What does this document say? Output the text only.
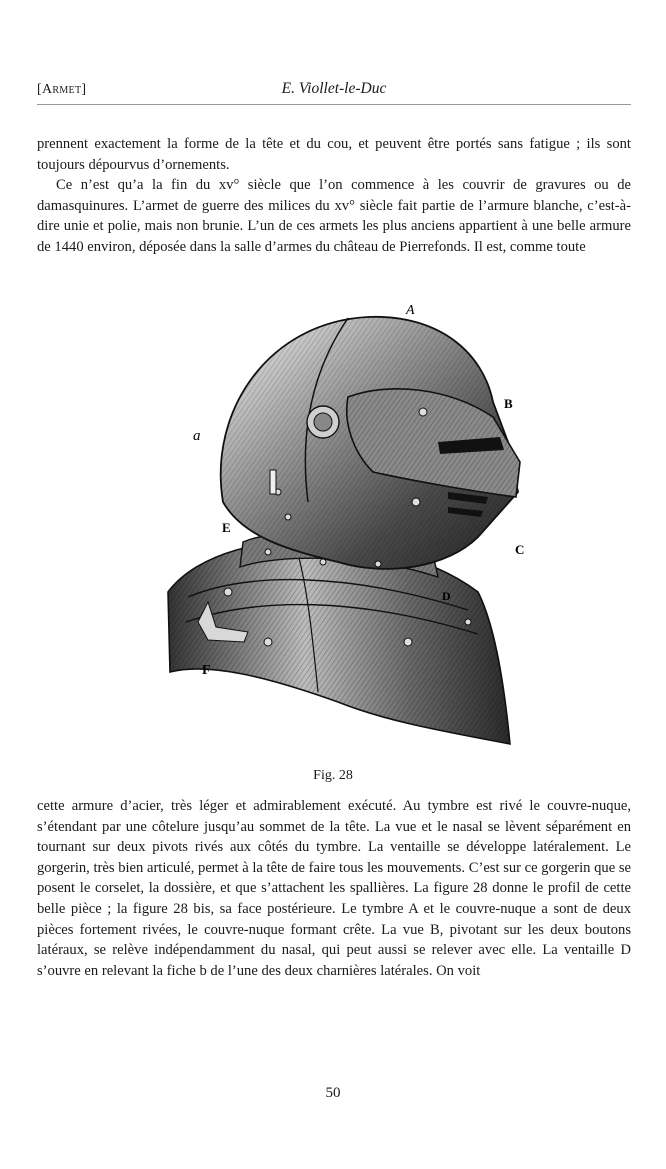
[Armet]	E. Viollet-le-Duc

prennent exactement la forme de la tête et du cou, et peuvent être portés sans fatigue ; ils sont toujours dépourvus d’ornements.

Ce n’est qu’a la fin du xv° siècle que l’on commence à les couvrir de gravures ou de damasquinures. L’armet de guerre des milices du xv° siècle fait partie de l’armure blanche, c’est-à-dire unie et polie, mais non brunie. L’un de ces armets les plus anciens appartient à une belle armure de 1440 environ, déposée dans la salle d’armes du château de Pierrefonds. Il est, comme toute

A
a
B
C
D
E
F
Fig. 28

cette armure d’acier, très léger et admirablement exécuté. Au tymbre est rivé le couvre-nuque, s’étendant par une côtelure jusqu’au sommet de la tête. La vue et le nasal se lèvent séparément en tournant sur deux pivots rivés aux côtés du tymbre. La ventaille se développe latéralement. Le gorgerin, très bien articulé, permet à la tête de faire tous les mouvements. C’est sur ce gorgerin que se posent le corselet, la dossière, et que s’attachent les spallières. La figure 28 donne le profil de cette belle pièce ; la figure 28 bis, sa face postérieure. Le tymbre A et le couvre-nuque a sont de deux pièces fortement rivées, le couvre-nuque formant crête. La vue B, pivotant sur les deux boutons latéraux, se relève indépendamment du nasal, qui peut aussi se relever avec elle. La ventaille D s’ouvre en relevant la fiche b de l’une des deux charnières latérales. On voit

50
